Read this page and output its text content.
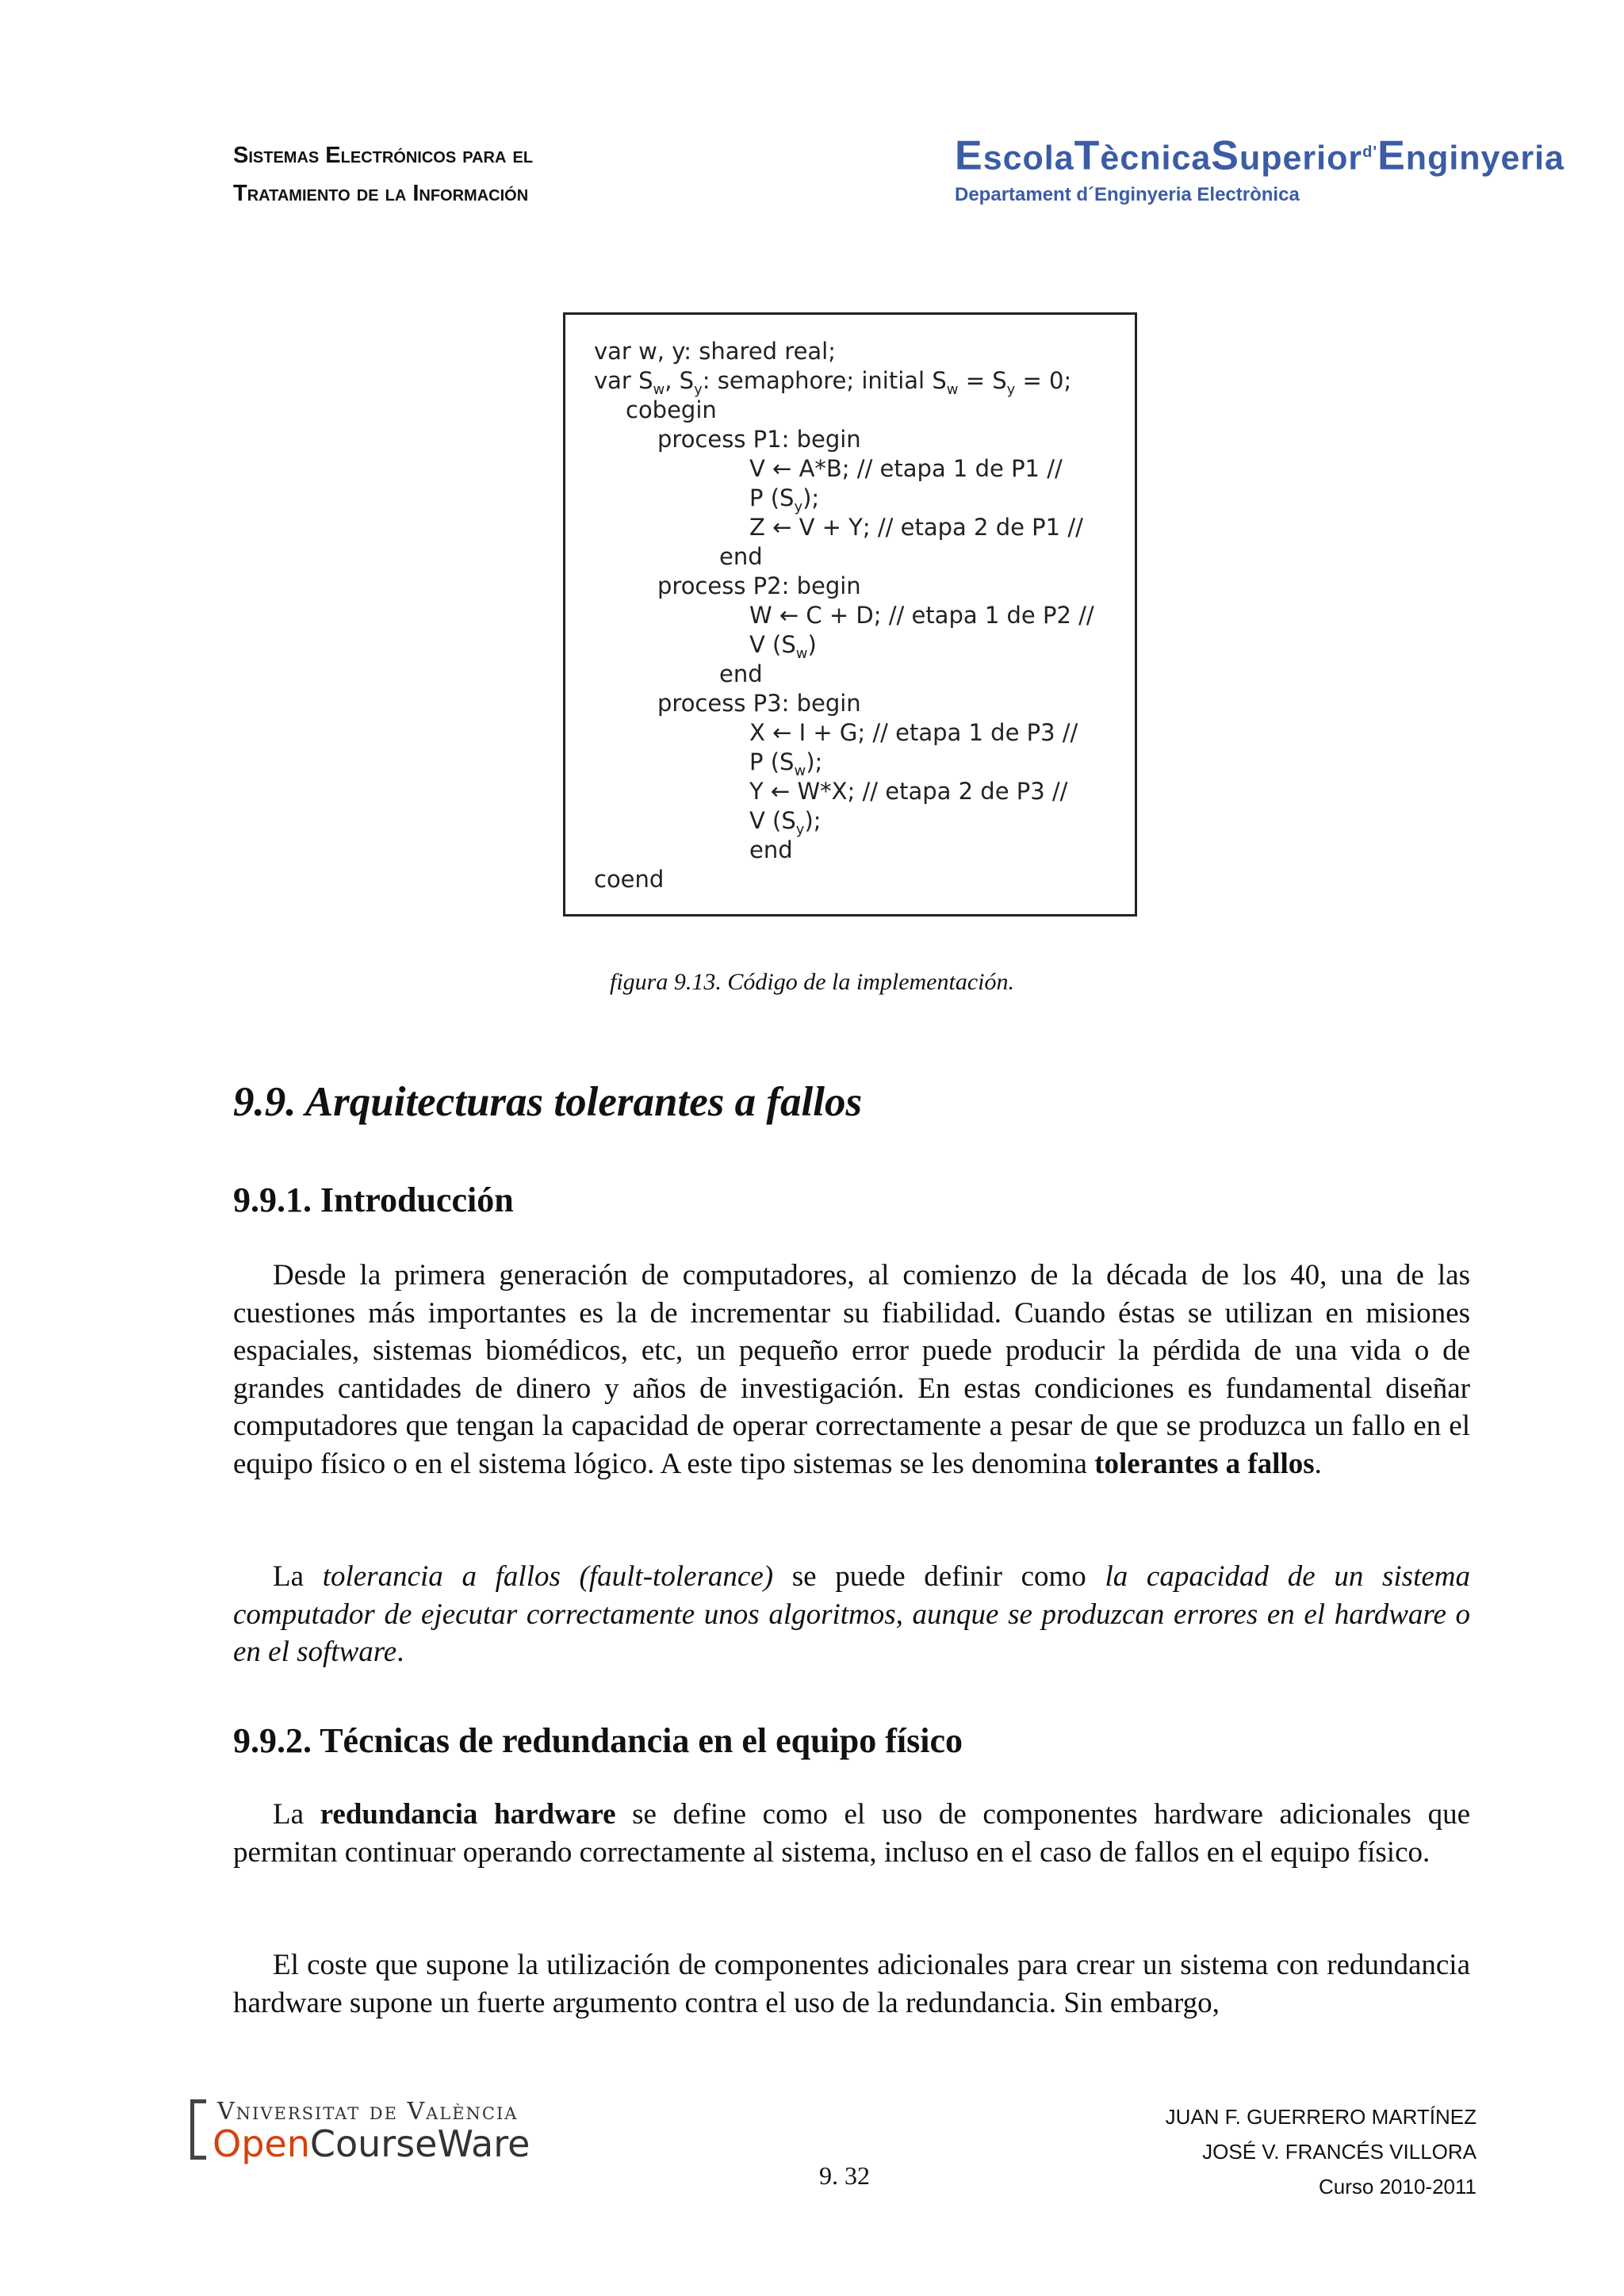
Sistemas Electrónicos para el
Tratamiento de la Información
EscolaTècnicaSuperior$^{d'}$Enginyeria
Departament d´Enginyeria Electrònica
var w, y: shared real;
var $S_w$, $S_y$: semaphore; initial $S_w = S_y = 0$;
cobegin
process P1: begin
V ← A*B; // etapa 1 de P1 //
P $(S_y)$;
Z ← V + Y; // etapa 2 de P1 //
end
process P2: begin
W ← C + D; // etapa 1 de P2 //
V $(S_w)$
end
process P3: begin
X ← I + G; // etapa 1 de P3 //
P $(S_w)$;
Y ← W*X; // etapa 2 de P3 //
V $(S_y)$;
end
coend
figura 9.13. Código de la implementación.
9.9. Arquitecturas tolerantes a fallos
9.9.1. Introducción
Desde la primera generación de computadores, al comienzo de la década de los 40, una de las cuestiones más importantes es la de incrementar su fiabilidad. Cuando éstas se utilizan en misiones espaciales, sistemas biomédicos, etc, un pequeño error puede producir la pérdida de una vida o de grandes cantidades de dinero y años de investigación. En estas condiciones es fundamental diseñar computadores que tengan la capacidad de operar correctamente a pesar de que se produzca un fallo en el equipo físico o en el sistema lógico. A este tipo sistemas se les denomina tolerantes a fallos.
La tolerancia a fallos (fault-tolerance) se puede definir como la capacidad de un sistema computador de ejecutar correctamente unos algoritmos, aunque se produzcan errores en el hardware o en el software.
9.9.2. Técnicas de redundancia en el equipo físico
La redundancia hardware se define como el uso de componentes hardware adicionales que permitan continuar operando correctamente al sistema, incluso en el caso de fallos en el equipo físico.
El coste que supone la utilización de componentes adicionales para crear un sistema con redundancia hardware supone un fuerte argumento contra el uso de la redundancia. Sin embargo,
Vniversitat de València
OpenCourseWare
9. 32
JUAN F. GUERRERO MARTÍNEZ
JOSÉ V. FRANCÉS VILLORA
Curso 2010-2011
